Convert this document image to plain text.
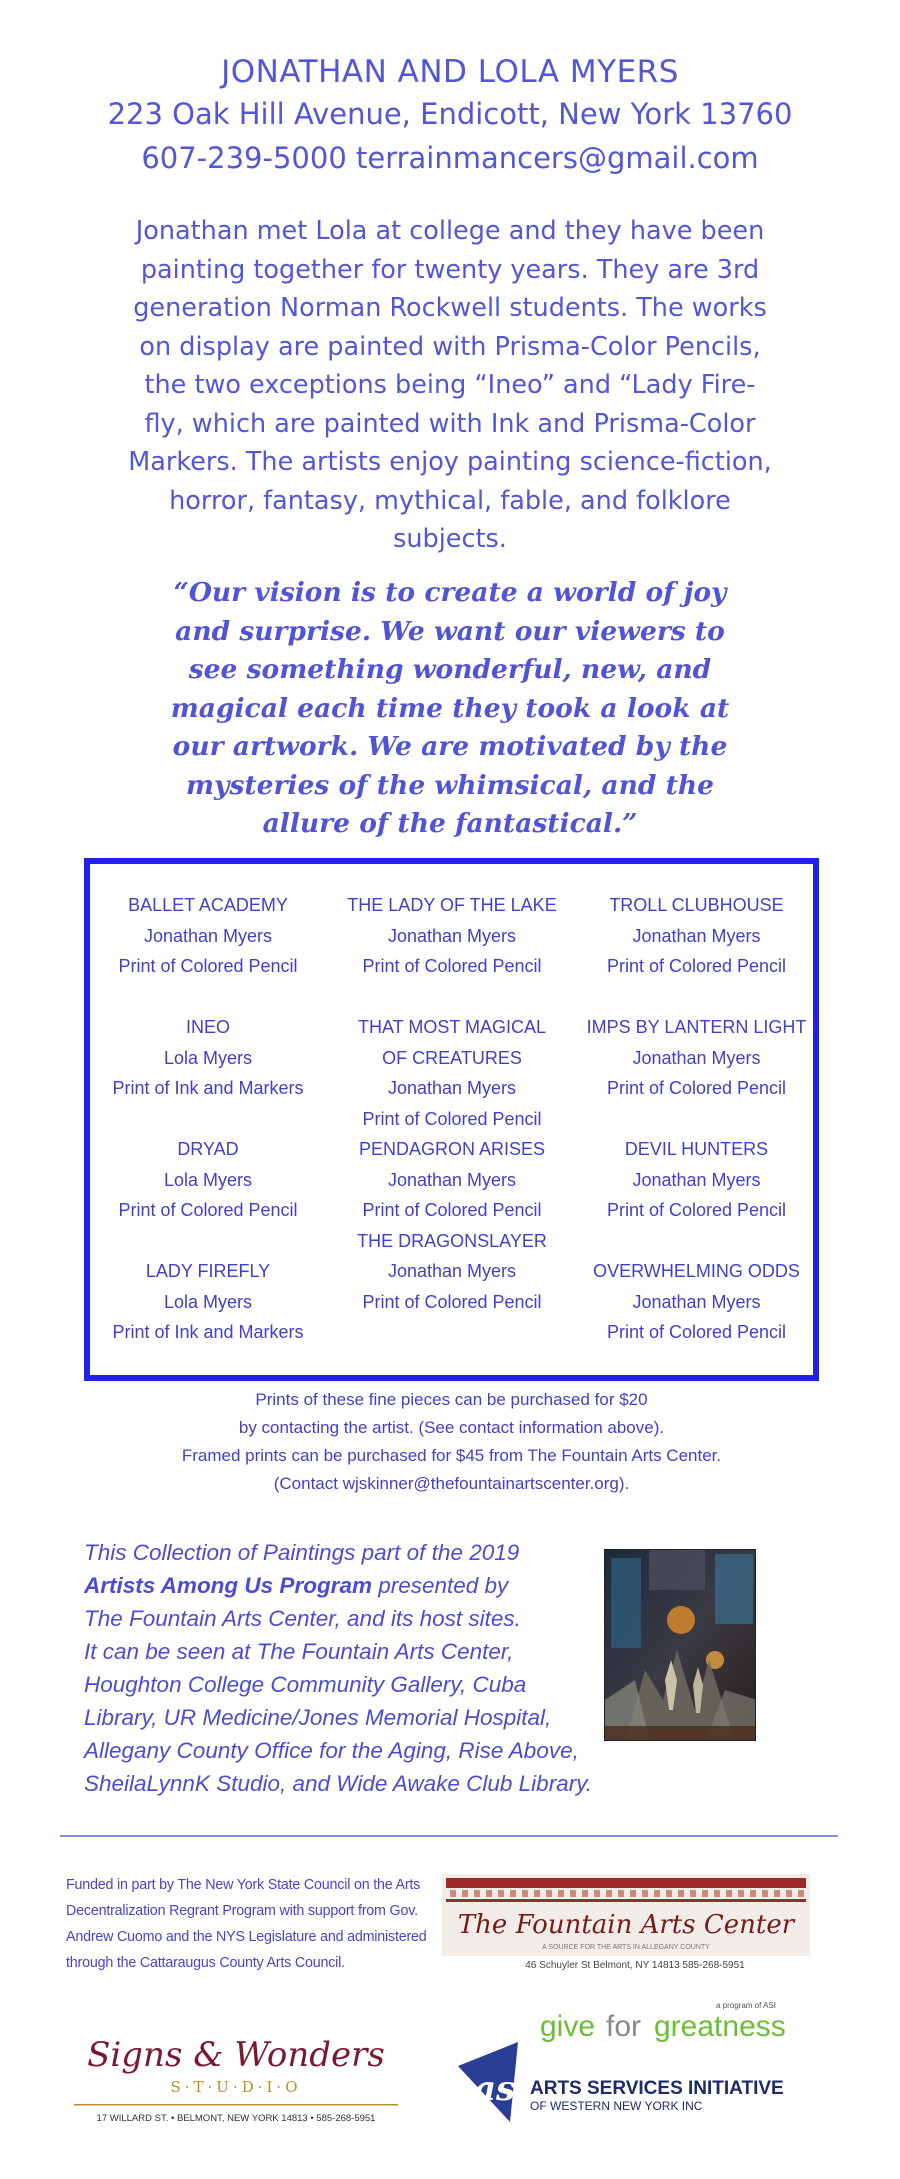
JONATHAN AND LOLA MYERS
223 Oak Hill Avenue, Endicott, New York 13760
607-239-5000 terrainmancers@gmail.com
Jonathan met Lola at college and they have been
painting together for twenty years. They are 3rd
generation Norman Rockwell students. The works
on display are painted with Prisma-Color Pencils,
the two exceptions being “Ineo” and “Lady Fire-
fly, which are painted with Ink and Prisma-Color
Markers. The artists enjoy painting science-fiction,
horror, fantasy, mythical, fable, and folklore subjects.
“Our vision is to create a world of joy
and surprise. We want our viewers to
see something wonderful, new, and
magical each time they took a look at
our artwork. We are motivated by the
mysteries of the whimsical, and the
allure of the fantastical.”
BALLET ACADEMY
Jonathan Myers
Print of Colored Pencil
INEO
Lola Myers
Print of Ink and Markers
DRYAD
Lola Myers
Print of Colored Pencil
LADY FIREFLY
Lola Myers
Print of Ink and Markers
THE LADY OF THE LAKE
Jonathan Myers
Print of Colored Pencil
THAT MOST MAGICAL
OF CREATURES
Jonathan Myers
Print of Colored Pencil
PENDAGRON ARISES
Jonathan Myers
Print of Colored Pencil
THE DRAGONSLAYER
Jonathan Myers
Print of Colored Pencil
TROLL CLUBHOUSE
Jonathan Myers
Print of Colored Pencil
IMPS BY LANTERN LIGHT
Jonathan Myers
Print of Colored Pencil
DEVIL HUNTERS
Jonathan Myers
Print of Colored Pencil
OVERWHELMING ODDS
Jonathan Myers
Print of Colored Pencil
Prints of these fine pieces can be purchased for $20
by contacting the artist. (See contact information above).
Framed prints can be purchased for $45 from The Fountain Arts Center.
(Contact wjskinner@thefountainartscenter.org).
This Collection of Paintings part of the 2019
Artists Among Us Program presented by
The Fountain Arts Center, and its host sites.
It can be seen at The Fountain Arts Center,
Houghton College Community Gallery, Cuba
Library, UR Medicine/Jones Memorial Hospital,
Allegany County Office for the Aging, Rise Above,
SheilaLynnK Studio, and Wide Awake Club Library.
Funded in part by The New York State Council on the Arts
Decentralization Regrant Program with support from Gov.
Andrew Cuomo and the NYS Legislature and administered
through the Cattaraugus County Arts Council.
The Fountain Arts Center
A SOURCE FOR THE ARTS IN ALLEGANY COUNTY
46 Schuyler St Belmont, NY 14813 585-268-5951
Signs & Wonders
S·T·U·D·I·O
17 WILLARD ST. • BELMONT, NEW YORK 14813 • 585-268-5951
a program of ASI
give for greatness
asi ARTS SERVICES INITIATIVE
OF WESTERN NEW YORK INC
